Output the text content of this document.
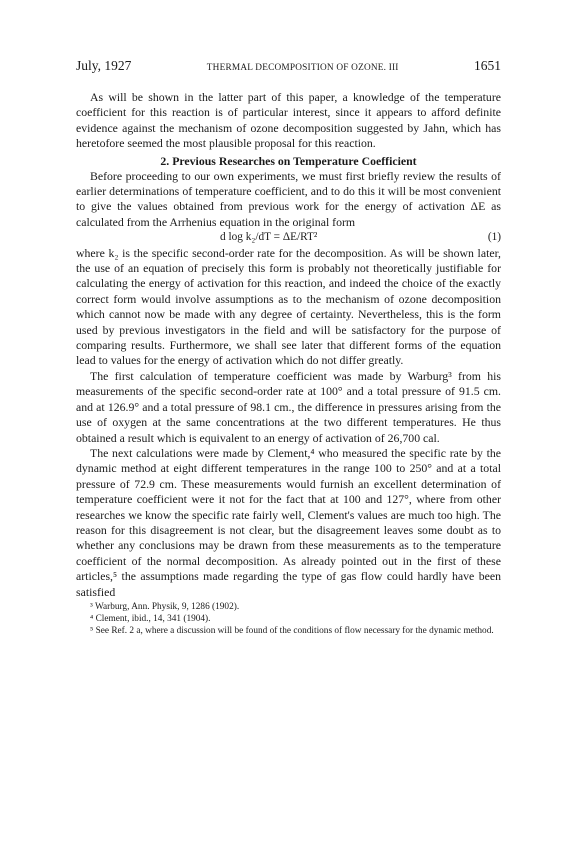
July, 1927	THERMAL DECOMPOSITION OF OZONE. III	1651

As will be shown in the latter part of this paper, a knowledge of the temperature coefficient for this reaction is of particular interest, since it appears to afford definite evidence against the mechanism of ozone decomposition suggested by Jahn, which has heretofore seemed the most plausible proposal for this reaction.

2. Previous Researches on Temperature Coefficient

Before proceeding to our own experiments, we must first briefly review the results of earlier determinations of temperature coefficient, and to do this it will be most convenient to give the values obtained from previous work for the energy of activation ΔE as calculated from the Arrhenius equation in the original form

d log k₂/dT = ΔE/RT²	(1)

where k₂ is the specific second-order rate for the decomposition. As will be shown later, the use of an equation of precisely this form is probably not theoretically justifiable for calculating the energy of activation for this reaction, and indeed the choice of the exactly correct form would involve assumptions as to the mechanism of ozone decomposition which cannot now be made with any degree of certainty. Nevertheless, this is the form used by previous investigators in the field and will be satisfactory for the purpose of comparing results. Furthermore, we shall see later that different forms of the equation lead to values for the energy of activation which do not differ greatly.

The first calculation of temperature coefficient was made by Warburg³ from his measurements of the specific second-order rate at 100° and a total pressure of 91.5 cm. and at 126.9° and a total pressure of 98.1 cm., the difference in pressures arising from the use of oxygen at the same concentrations at the two different temperatures. He thus obtained a result which is equivalent to an energy of activation of 26,700 cal.

The next calculations were made by Clement,⁴ who measured the specific rate by the dynamic method at eight different temperatures in the range 100 to 250° and at a total pressure of 72.9 cm. These measurements would furnish an excellent determination of temperature coefficient were it not for the fact that at 100 and 127°, where from other researches we know the specific rate fairly well, Clement's values are much too high. The reason for this disagreement is not clear, but the disagreement leaves some doubt as to whether any conclusions may be drawn from these measurements as to the temperature coefficient of the normal decomposition. As already pointed out in the first of these articles,⁵ the assumptions made regarding the type of gas flow could hardly have been satisfied

³ Warburg, Ann. Physik, 9, 1286 (1902).

⁴ Clement, ibid., 14, 341 (1904).

⁵ See Ref. 2 a, where a discussion will be found of the conditions of flow necessary for the dynamic method.
